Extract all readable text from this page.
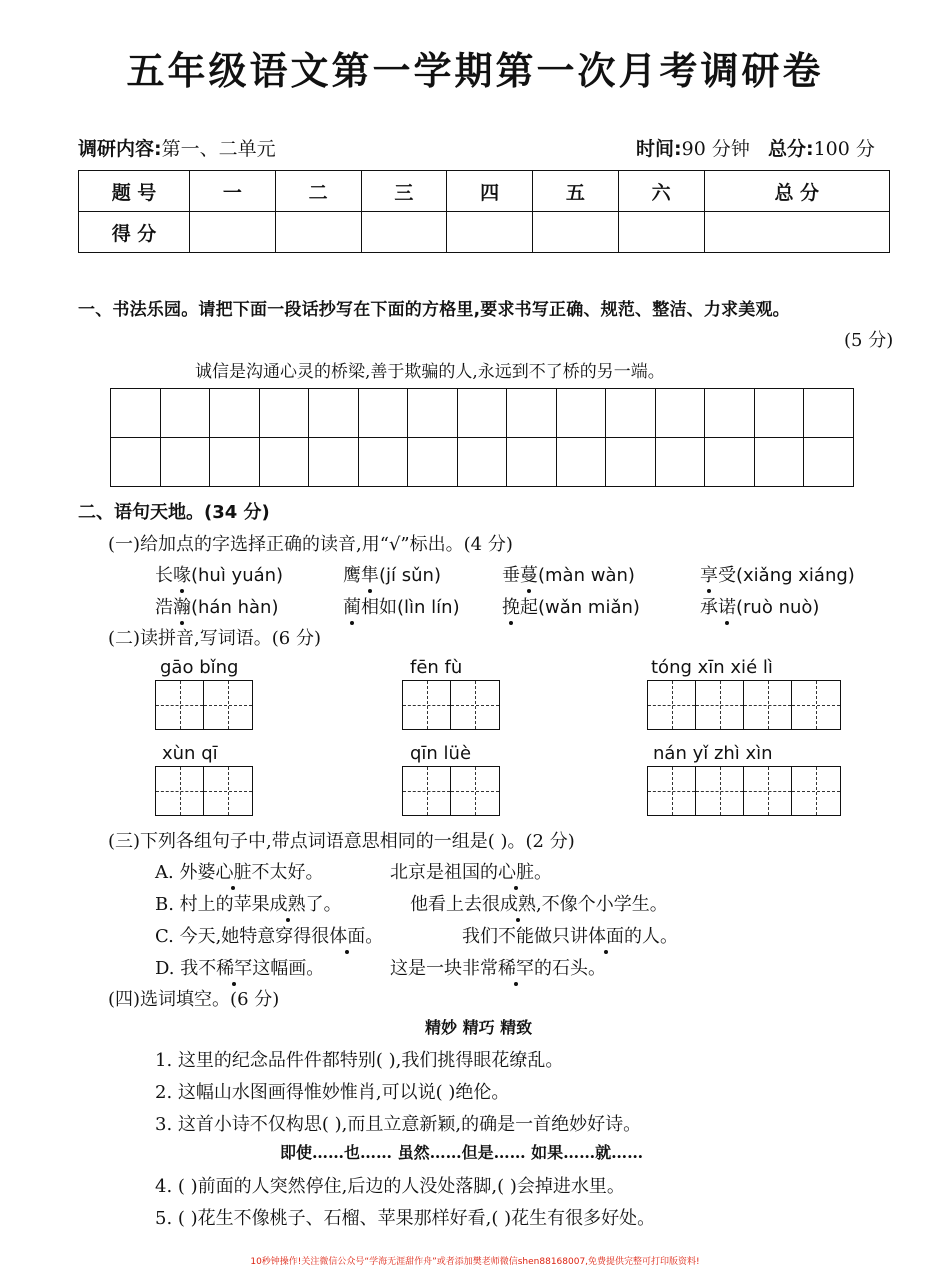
五年级语文第一学期第一次月考调研卷
调研内容:第一、二单元	时间:90 分钟 总分:100 分
题 号	一	二	三	四	五	六	总 分
得 分							
一、书法乐园。请把下面一段话抄写在下面的方格里,要求书写正确、规范、整洁、力求美观。
(5 分)
诚信是沟通心灵的桥梁,善于欺骗的人,永远到不了桥的另一端。

二、语句天地。(34 分)
(一)给加点的字选择正确的读音,用“√”标出。(4 分)
长喙(huì yuán)	鹰隼(jí sǔn)	垂蔓(màn wàn)	享受(xiǎng xiáng)
浩瀚(hán hàn)	蔺相如(lìn lín) 挽起(wǎn miǎn)	承诺(ruò nuò)
(二)读拼音,写词语。(6 分)
gāo bǐng	fēn fù	tóng xīn xié lì
xùn qī	qīn lüè	nán yǐ zhì xìn
(三)下列各组句子中,带点词语意思相同的一组是( )。(2 分)
A. 外婆心脏不太好。	北京是祖国的心脏。
B. 村上的苹果成熟了。	他看上去很成熟,不像个小学生。
C. 今天,她特意穿得很体面。	我们不能做只讲体面的人。
D. 我不稀罕这幅画。	这是一块非常稀罕的石头。
(四)选词填空。(6 分)
精妙 精巧 精致
1. 这里的纪念品件件都特别( ),我们挑得眼花缭乱。
2. 这幅山水图画得惟妙惟肖,可以说( )绝伦。
3. 这首小诗不仅构思( ),而且立意新颖,的确是一首绝妙好诗。
即使……也…… 虽然……但是…… 如果……就……
4. ( )前面的人突然停住,后边的人没处落脚,( )会掉进水里。
5. ( )花生不像桃子、石榴、苹果那样好看,( )花生有很多好处。
10秒钟操作!关注微信公众号“学海无涯甜作舟”或者添加樊老师微信shen88168007,免费提供完整可打印版资料!
